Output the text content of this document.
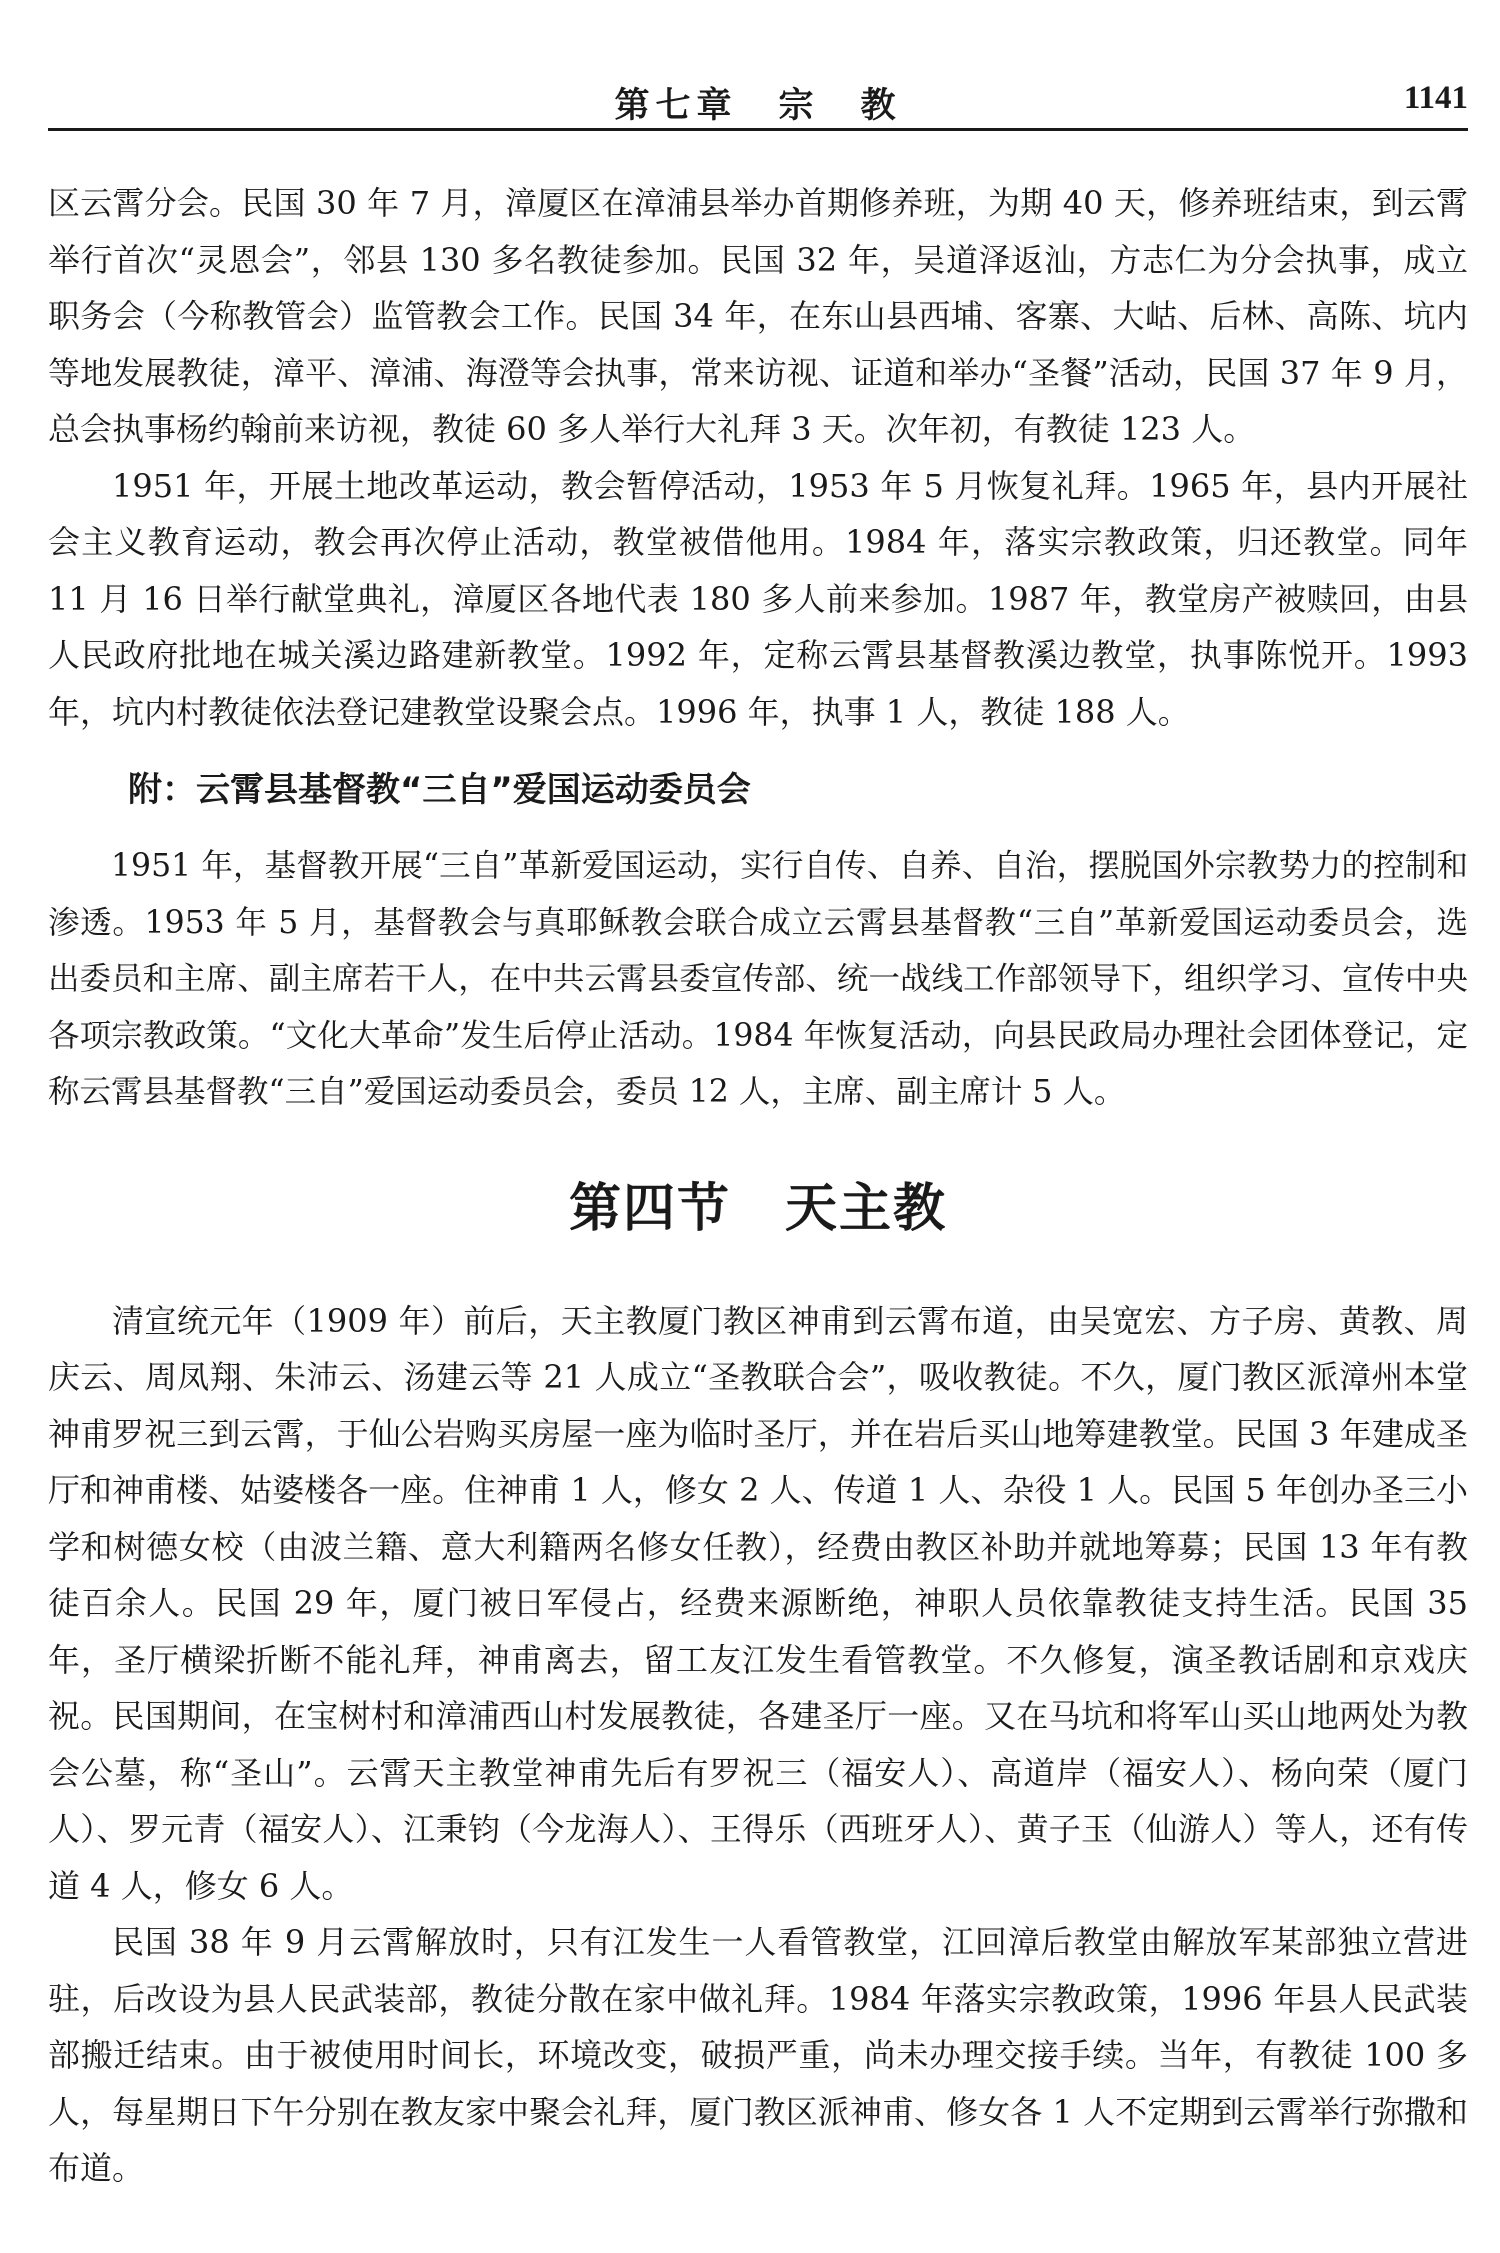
第七章　宗　教	1141

区云霄分会。民国 30 年 7 月，漳厦区在漳浦县举办首期修养班，为期 40 天，修养班结束，到云霄举行首次“灵恩会”，邻县 130 多名教徒参加。民国 32 年，吴道泽返汕，方志仁为分会执事，成立职务会（今称教管会）监管教会工作。民国 34 年，在东山县西埔、客寨、大岵、后林、高陈、坑内等地发展教徒，漳平、漳浦、海澄等会执事，常来访视、证道和举办“圣餐”活动，民国 37 年 9 月，总会执事杨约翰前来访视，教徒 60 多人举行大礼拜 3 天。次年初，有教徒 123 人。

1951 年，开展土地改革运动，教会暂停活动，1953 年 5 月恢复礼拜。1965 年，县内开展社会主义教育运动，教会再次停止活动，教堂被借他用。1984 年，落实宗教政策，归还教堂。同年 11 月 16 日举行献堂典礼，漳厦区各地代表 180 多人前来参加。1987 年，教堂房产被赎回，由县人民政府批地在城关溪边路建新教堂。1992 年，定称云霄县基督教溪边教堂，执事陈悦开。1993 年，坑内村教徒依法登记建教堂设聚会点。1996 年，执事 1 人，教徒 188 人。

附：云霄县基督教“三自”爱国运动委员会

1951 年，基督教开展“三自”革新爱国运动，实行自传、自养、自治，摆脱国外宗教势力的控制和渗透。1953 年 5 月，基督教会与真耶稣教会联合成立云霄县基督教“三自”革新爱国运动委员会，选出委员和主席、副主席若干人，在中共云霄县委宣传部、统一战线工作部领导下，组织学习、宣传中央各项宗教政策。“文化大革命”发生后停止活动。1984 年恢复活动，向县民政局办理社会团体登记，定称云霄县基督教“三自”爱国运动委员会，委员 12 人，主席、副主席计 5 人。

第四节　天主教

清宣统元年（1909 年）前后，天主教厦门教区神甫到云霄布道，由吴宽宏、方子房、黄教、周庆云、周凤翔、朱沛云、汤建云等 21 人成立“圣教联合会”，吸收教徒。不久，厦门教区派漳州本堂神甫罗祝三到云霄，于仙公岩购买房屋一座为临时圣厅，并在岩后买山地筹建教堂。民国 3 年建成圣厅和神甫楼、姑婆楼各一座。住神甫 1 人，修女 2 人、传道 1 人、杂役 1 人。民国 5 年创办圣三小学和树德女校（由波兰籍、意大利籍两名修女任教），经费由教区补助并就地筹募；民国 13 年有教徒百余人。民国 29 年，厦门被日军侵占，经费来源断绝，神职人员依靠教徒支持生活。民国 35 年，圣厅横梁折断不能礼拜，神甫离去，留工友江发生看管教堂。不久修复，演圣教话剧和京戏庆祝。民国期间，在宝树村和漳浦西山村发展教徒，各建圣厅一座。又在马坑和将军山买山地两处为教会公墓，称“圣山”。云霄天主教堂神甫先后有罗祝三（福安人）、高道岸（福安人）、杨向荣（厦门人）、罗元青（福安人）、江秉钧（今龙海人）、王得乐（西班牙人）、黄子玉（仙游人）等人，还有传道 4 人，修女 6 人。

民国 38 年 9 月云霄解放时，只有江发生一人看管教堂，江回漳后教堂由解放军某部独立营进驻，后改设为县人民武装部，教徒分散在家中做礼拜。1984 年落实宗教政策，1996 年县人民武装部搬迁结束。由于被使用时间长，环境改变，破损严重，尚未办理交接手续。当年，有教徒 100 多人，每星期日下午分别在教友家中聚会礼拜，厦门教区派神甫、修女各 1 人不定期到云霄举行弥撒和布道。
